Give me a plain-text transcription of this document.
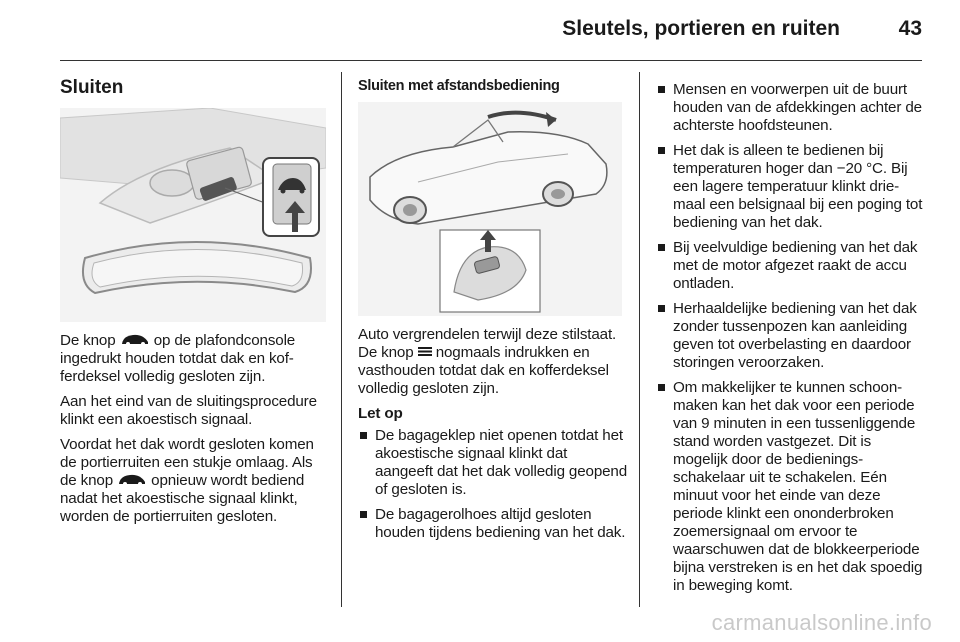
Sleutels, portieren en ruiten	43
Sluiten

De knop	op de plafondconsole ingedrukt houden totdat dak en kofferdeksel volledig gesloten zijn.

Aan het eind van de sluitingsprocedure klinkt een akoestisch signaal.

Voordat het dak wordt gesloten komen de portierruiten een stukje omlaag. Als de knop	opnieuw wordt bediend nadat het akoestische signaal klinkt, worden de portierruiten gesloten.

Sluiten met afstandsbediening

Auto vergrendelen terwijl deze stilstaat. De knop nogmaals indrukken en vasthouden totdat dak en kofferdeksel volledig gesloten zijn.

Let op

De bagageklep niet openen totdat het akoestische signaal klinkt dat aangeeft dat het dak volledig geopend of gesloten is.
De bagagerolhoes altijd gesloten houden tijdens bediening van het dak.
Mensen en voorwerpen uit de buurt houden van de afdekkingen achter de achterste hoofdsteunen.
Het dak is alleen te bedienen bij temperaturen hoger dan −20 °C. Bij een lagere temperatuur klinkt driemaal een belsignaal bij een poging tot bediening van het dak.
Bij veelvuldige bediening van het dak met de motor afgezet raakt de accu ontladen.
Herhaaldelijke bediening van het dak zonder tussenpozen kan aanleiding geven tot overbelasting en daardoor storingen veroorzaken.
Om makkelijker te kunnen schoonmaken kan het dak voor een periode van 9 minuten in een tussenliggende stand worden vastgezet. Dit is mogelijk door de bedieningsschakelaar uit te schakelen. Eén minuut voor het einde van deze periode klinkt een ononderbroken zoemersignaal om ervoor te waarschuwen dat de blokkeerperiode bijna verstreken is en het dak spoedig in beweging komt.
carmanualsonline.info
